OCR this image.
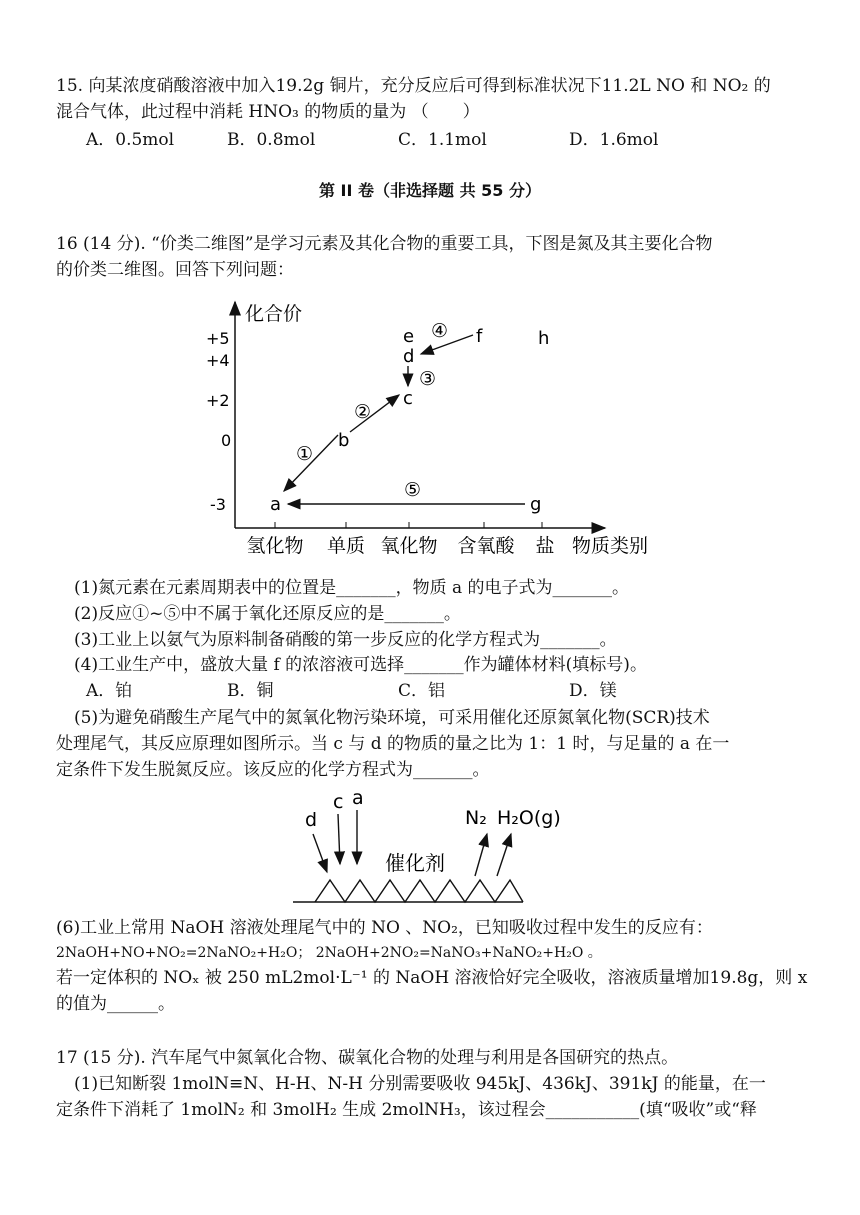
15. 向某浓度硝酸溶液中加入19.2g 铜片，充分反应后可得到标准状况下11.2L NO 和 NO₂ 的
混合气体，此过程中消耗 HNO₃ 的物质的量为 （　　）
A．0.5mol	B．0.8mol	C．1.1mol	D．1.6mol
第 II 卷（非选择题 共 55 分）
16 (14 分). “价类二维图”是学习元素及其化合物的重要工具，下图是氮及其主要化合物
的价类二维图。回答下列问题：
化合价
+5
+4
+2
0
-3
氢化物 单质 氧化物 含氧酸 盐 物质类别
a
b
c
d
e	f
g
h
①
②
③
④
⑤
(1)氮元素在元素周期表中的位置是_______，物质 a 的电子式为_______。
(2)反应①~⑤中不属于氧化还原反应的是_______。
(3)工业上以氨气为原料制备硝酸的第一步反应的化学方程式为_______。
(4)工业生产中，盛放大量 f 的浓溶液可选择_______作为罐体材料(填标号)。
A．铂	B．铜	C．铝	D．镁
(5)为避免硝酸生产尾气中的氮氧化物污染环境，可采用催化还原氮氧化物(SCR)技术
处理尾气，其反应原理如图所示。当 c 与 d 的物质的量之比为 1：1 时，与足量的 a 在一
定条件下发生脱氮反应。该反应的化学方程式为_______。
催化剂
d
c a
N₂ H₂O(g)
(6)工业上常用 NaOH 溶液处理尾气中的 NO 、NO₂，已知吸收过程中发生的反应有：
2NaOH+NO+NO₂=2NaNO₂+H₂O； 2NaOH+2NO₂=NaNO₃+NaNO₂+H₂O 。
若一定体积的 NOₓ 被 250 mL2mol·L⁻¹ 的 NaOH 溶液恰好完全吸收，溶液质量增加19.8g，则 x
的值为______。
17 (15 分). 汽车尾气中氮氧化合物、碳氧化合物的处理与利用是各国研究的热点。
(1)已知断裂 1molN≡N、H-H、N-H 分别需要吸收 945kJ、436kJ、391kJ 的能量，在一
定条件下消耗了 1molN₂ 和 3molH₂ 生成 2molNH₃，该过程会___________(填“吸收”或“释
